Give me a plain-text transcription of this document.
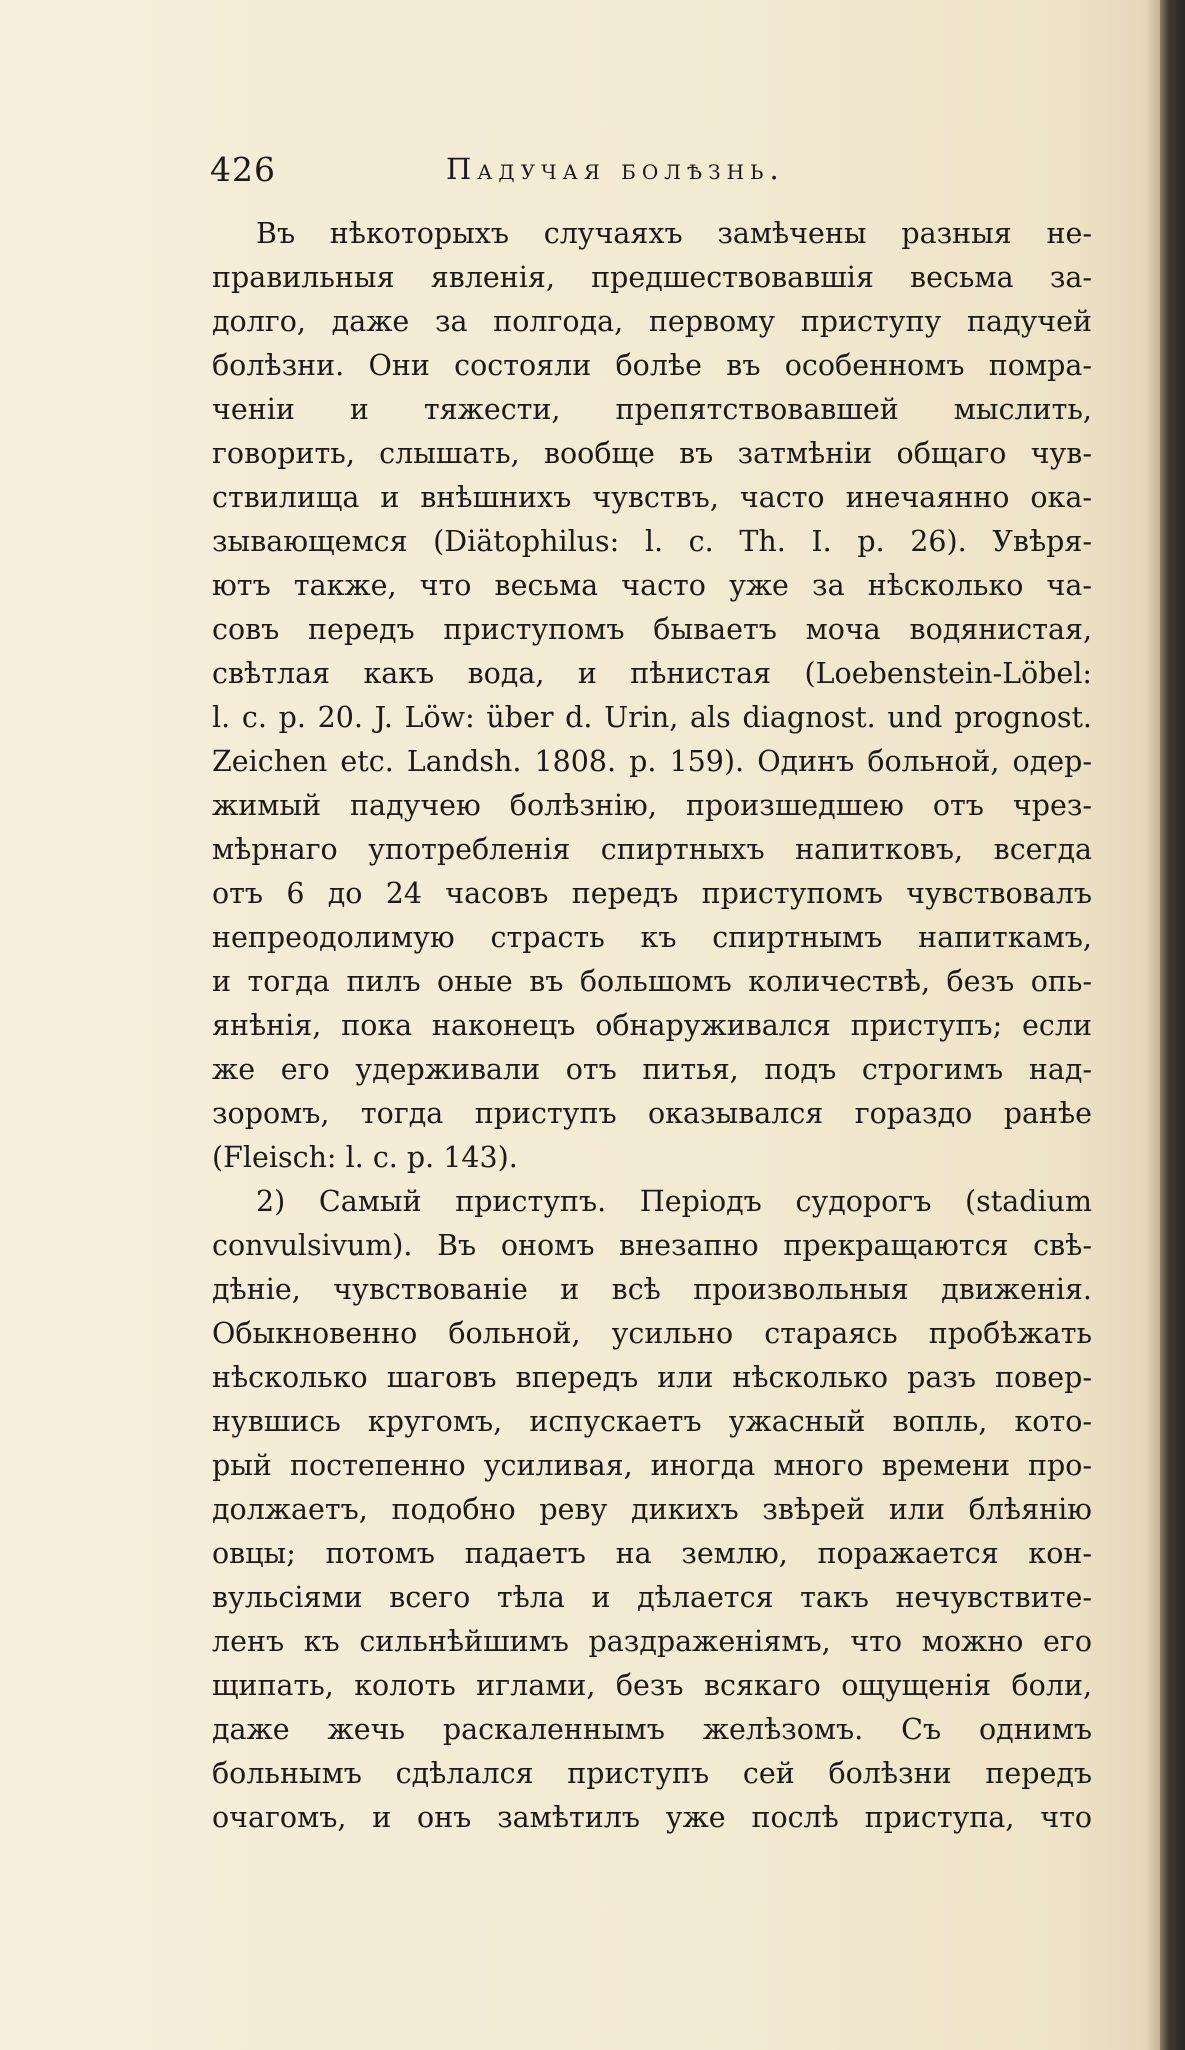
426	Падучая болѣзнь.
Въ нѣкоторыхъ случаяхъ замѣчены разныя не-
правильныя явленія, предшествовавшія весьма за-
долго, даже за полгода, первому приступу падучей
болѣзни. Они состояли болѣе въ особенномъ помра-
ченіи и тяжести, препятствовавшей мыслить,
говорить, слышать, вообще въ затмѣніи общаго чув-
ствилища и внѣшнихъ чувствъ, часто инечаянно ока-
зывающемся (Diätophilus: l. c. Th. I. p. 26). Увѣря-
ютъ также, что весьма часто уже за нѣсколько ча-
совъ передъ приступомъ бываетъ моча водянистая,
свѣтлая какъ вода, и пѣнистая (Loebenstein-Löbel:
l. c. p. 20. J. Löw: über d. Urin, als diagnost. und prognost.
Zeichen etc. Landsh. 1808. p. 159). Одинъ больной, одер-
жимый падучею болѣзнію, произшедшею отъ чрез-
мѣрнаго употребленія спиртныхъ напитковъ, всегда
отъ 6 до 24 часовъ передъ приступомъ чувствовалъ
непреодолимую страсть къ спиртнымъ напиткамъ,
и тогда пилъ оные въ большомъ количествѣ, безъ опь-
янѣнія, пока наконецъ обнаруживался приступъ; если
же его удерживали отъ питья, подъ строгимъ над-
зоромъ, тогда приступъ оказывался гораздо ранѣе
(Fleisch: l. c. p. 143).
2) Самый приступъ. Періодъ судорогъ (stadium
convulsivum). Въ ономъ внезапно прекращаются свѣ-
дѣніе, чувствованіе и всѣ произвольныя движенія.
Обыкновенно больной, усильно стараясь пробѣжать
нѣсколько шаговъ впередъ или нѣсколько разъ повер-
нувшись кругомъ, испускаетъ ужасный вопль, кото-
рый постепенно усиливая, иногда много времени про-
должаетъ, подобно реву дикихъ звѣрей или блѣянію
овцы; потомъ падаетъ на землю, поражается кон-
вульсіями всего тѣла и дѣлается такъ нечувствите-
ленъ къ сильнѣйшимъ раздраженіямъ, что можно его
щипать, колоть иглами, безъ всякаго ощущенія боли,
даже жечь раскаленнымъ желѣзомъ. Съ однимъ
больнымъ сдѣлался приступъ сей болѣзни передъ
очагомъ, и онъ замѣтилъ уже послѣ приступа, что
